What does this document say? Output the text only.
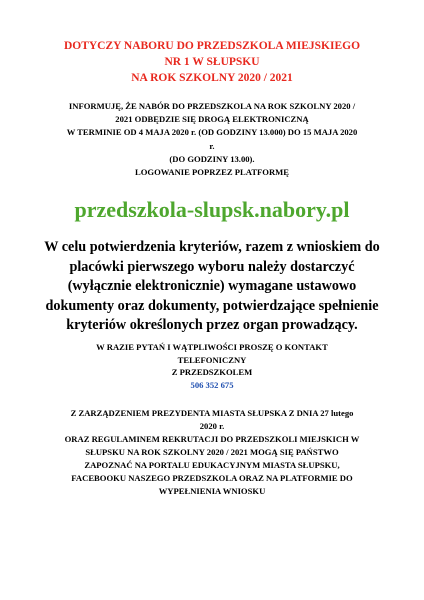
DOTYCZY NABORU DO PRZEDSZKOLA MIEJSKIEGO
NR 1 W SŁUPSKU
NA ROK SZKOLNY 2020 / 2021
INFORMUJĘ, ŻE NABÓR DO PRZEDSZKOLA NA ROK SZKOLNY 2020 /
2021 ODBĘDZIE SIĘ DROGĄ ELEKTRONICZNĄ
W TERMINIE OD 4 MAJA 2020 r. (OD GODZINY 13.000) DO 15 MAJA 2020
r.
(DO GODZINY 13.00).
LOGOWANIE POPRZEZ PLATFORMĘ
przedszkola-slupsk.nabory.pl
W celu potwierdzenia kryteriów, razem z wnioskiem do
placówki pierwszego wyboru należy dostarczyć
(wyłącznie elektronicznie) wymagane ustawowo
dokumenty oraz dokumenty, potwierdzające spełnienie
kryteriów określonych przez organ prowadzący.
W RAZIE PYTAŃ I WĄTPLIWOŚCI PROSZĘ O KONTAKT
TELEFONICZNY
Z PRZEDSZKOLEM
506 352 675
Z ZARZĄDZENIEM PREZYDENTA MIASTA SŁUPSKA Z DNIA 27 lutego
2020 r.
ORAZ REGULAMINEM REKRUTACJI DO PRZEDSZKOLI MIEJSKICH W
SŁUPSKU NA ROK SZKOLNY 2020 / 2021 MOGĄ SIĘ PAŃSTWO
ZAPOZNAĆ NA PORTALU EDUKACYJNYM MIASTA SŁUPSKU,
FACEBOOKU NASZEGO PRZEDSZKOLA ORAZ NA PLATFORMIE DO
WYPEŁNIENIA WNIOSKU
